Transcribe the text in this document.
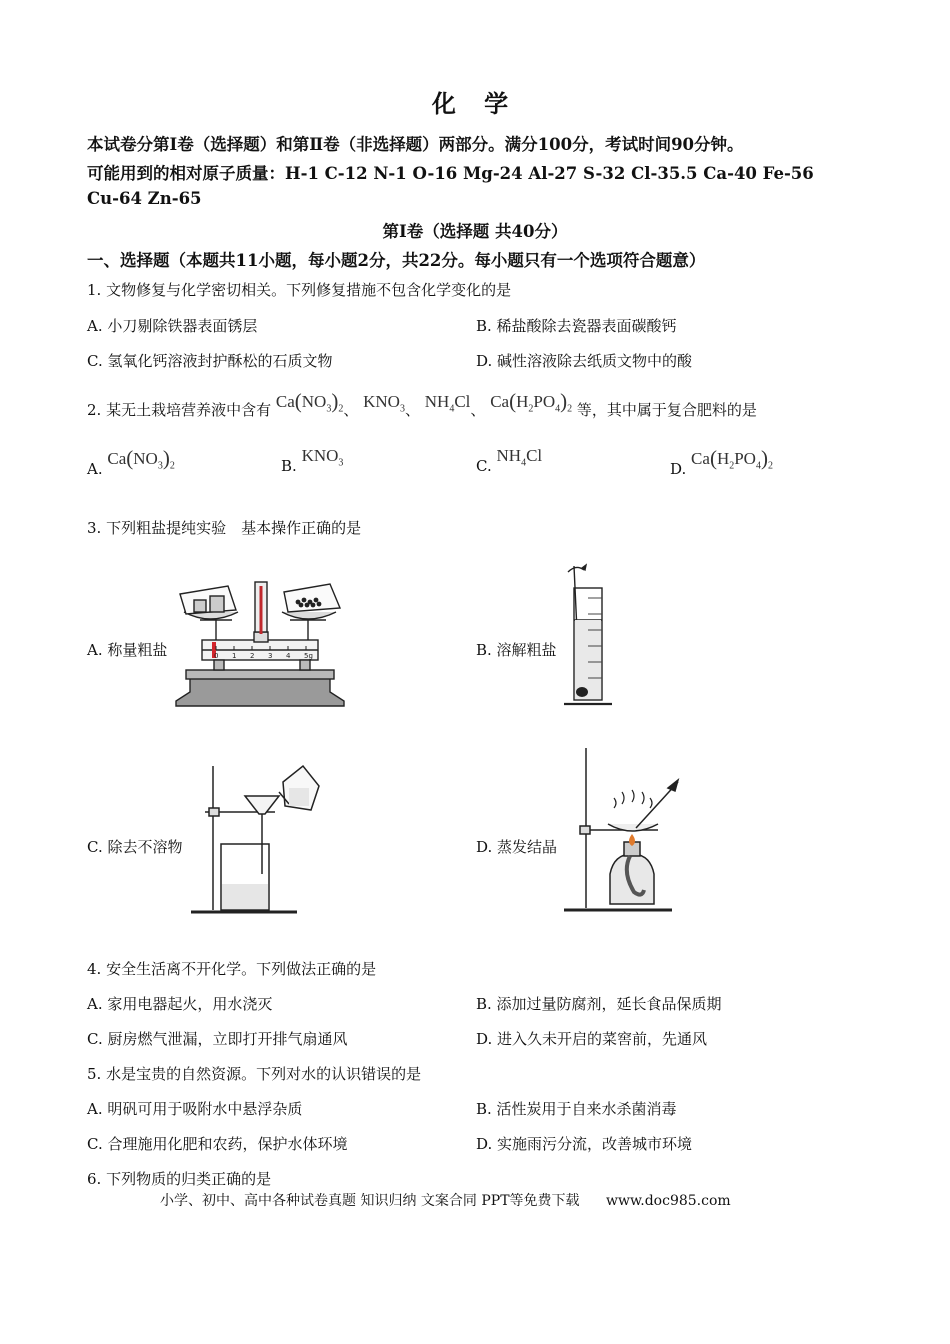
化 学
本试卷分第Ⅰ卷（选择题）和第Ⅱ卷（非选择题）两部分。满分100分，考试时间90分钟。
可能用到的相对原子质量：H-1 C-12 N-1 O-16 Mg-24 Al-27 S-32 Cl-35.5 Ca-40 Fe-56
Cu-64 Zn-65
第Ⅰ卷（选择题 共40分）
一、选择题（本题共11小题，每小题2分，共22分。每小题只有一个选项符合题意）
1. 文物修复与化学密切相关。下列修复措施不包含化学变化的是
A. 小刀剔除铁器表面锈层	B. 稀盐酸除去瓷器表面碳酸钙
C. 氢氧化钙溶液封护酥松的石质文物	D. 碱性溶液除去纸质文物中的酸
2. 某无土栽培营养液中含有 $Ca(NO_3)_2$、 $KNO_3$、 $NH_4Cl$、 $Ca(H_2PO_4)_2$ 等，其中属于复合肥料的是
A. $Ca(NO_3)_2$	B. $KNO_3$	C. $NH_4Cl$
D. $Ca(H_2PO_4)_2$
3. 下列粗盐提纯实验　基本操作正确的是
A. 称量粗盐	B. 溶解粗盐
C. 除去不溶物	D. 蒸发结晶
0 1 2 3 4 5g
4. 安全生活离不开化学。下列做法正确的是
A. 家用电器起火，用水浇灭	B. 添加过量防腐剂，延长食品保质期
C. 厨房燃气泄漏，立即打开排气扇通风	D. 进入久未开启的菜窖前，先通风
5. 水是宝贵的自然资源。下列对水的认识错误的是
A. 明矾可用于吸附水中悬浮杂质	B. 活性炭用于自来水杀菌消毒
C. 合理施用化肥和农药，保护水体环境	D. 实施雨污分流，改善城市环境
6. 下列物质的归类正确的是
小学、初中、高中各种试卷真题 知识归纳 文案合同 PPT等免费下载 www.doc985.com
